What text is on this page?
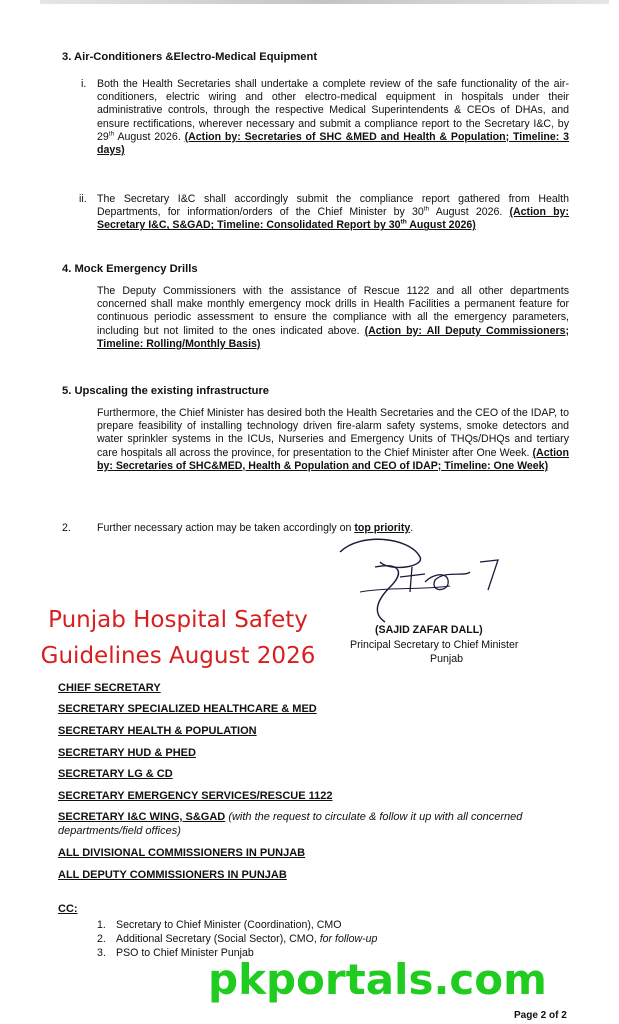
3. Air-Conditioners &Electro-Medical Equipment
i. Both the Health Secretaries shall undertake a complete review of the safe functionality of the air-conditioners, electric wiring and other electro-medical equipment in hospitals under their administrative controls, through the respective Medical Superintendents & CEOs of DHAs, and ensure rectifications, wherever necessary and submit a compliance report to the Secretary I&C, by 29th August 2026. (Action by: Secretaries of SHC &MED and Health & Population; Timeline: 3 days)
ii. The Secretary I&C shall accordingly submit the compliance report gathered from Health Departments, for information/orders of the Chief Minister by 30th August 2026. (Action by: Secretary I&C, S&GAD; Timeline: Consolidated Report by 30th August 2026)
4. Mock Emergency Drills
The Deputy Commissioners with the assistance of Rescue 1122 and all other departments concerned shall make monthly emergency mock drills in Health Facilities a permanent feature for continuous periodic assessment to ensure the compliance with all the emergency parameters, including but not limited to the ones indicated above. (Action by: All Deputy Commissioners; Timeline: Rolling/Monthly Basis)
5. Upscaling the existing infrastructure
Furthermore, the Chief Minister has desired both the Health Secretaries and the CEO of the IDAP, to prepare feasibility of installing technology driven fire-alarm safety systems, smoke detectors and water sprinkler systems in the ICUs, Nurseries and Emergency Units of THQs/DHQs and tertiary care hospitals all across the province, for presentation to the Chief Minister after One Week. (Action by: Secretaries of SHC&MED, Health & Population and CEO of IDAP; Timeline: One Week)
2. Further necessary action may be taken accordingly on top priority.
(SAJID ZAFAR DALL)
Principal Secretary to Chief Minister
Punjab
Punjab Hospital Safety
Guidelines August 2026
CHIEF SECRETARY
SECRETARY SPECIALIZED HEALTHCARE & MED
SECRETARY HEALTH & POPULATION
SECRETARY HUD & PHED
SECRETARY LG & CD
SECRETARY EMERGENCY SERVICES/RESCUE 1122
SECRETARY I&C WING, S&GAD (with the request to circulate & follow it up with all concerned departments/field offices)
ALL DIVISIONAL COMMISSIONERS IN PUNJAB
ALL DEPUTY COMMISSIONERS IN PUNJAB
CC:
1. Secretary to Chief Minister (Coordination), CMO
2. Additional Secretary (Social Sector), CMO, for follow-up
3. PSO to Chief Minister Punjab
pkportals.com
Page 2 of 2
